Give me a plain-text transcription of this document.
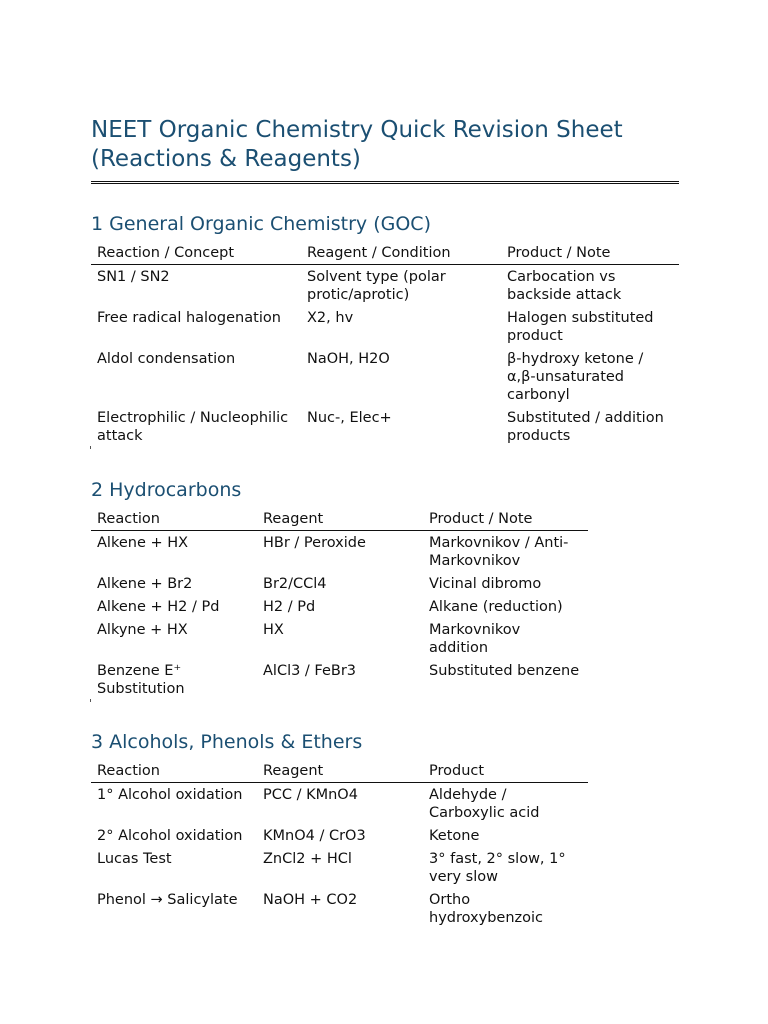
NEET Organic Chemistry Quick Revision Sheet
(Reactions & Reagents)
1 General Organic Chemistry (GOC)
Reaction / Concept	Reagent / Condition	Product / Note
SN1 / SN2	Solvent type (polar protic/aprotic)	Carbocation vs backside attack
Free radical halogenation	X2, hv	Halogen substituted product
Aldol condensation	NaOH, H2O	β-hydroxy ketone / α,β-unsaturated carbonyl
Electrophilic / Nucleophilic attack	Nuc-, Elec+	Substituted / addition products
2 Hydrocarbons
Reaction	Reagent	Product / Note
Alkene + HX	HBr / Peroxide	Markovnikov / Anti-Markovnikov
Alkene + Br2	Br2/CCl4	Vicinal dibromo
Alkene + H2 / Pd	H2 / Pd	Alkane (reduction)
Alkyne + HX	HX	Markovnikov addition
Benzene E⁺ Substitution	AlCl3 / FeBr3	Substituted benzene
3 Alcohols, Phenols & Ethers
Reaction	Reagent	Product
1° Alcohol oxidation	PCC / KMnO4	Aldehyde / Carboxylic acid
2° Alcohol oxidation	KMnO4 / CrO3	Ketone
Lucas Test	ZnCl2 + HCl	3° fast, 2° slow, 1° very slow
Phenol → Salicylate	NaOH + CO2	Ortho hydroxybenzoic
